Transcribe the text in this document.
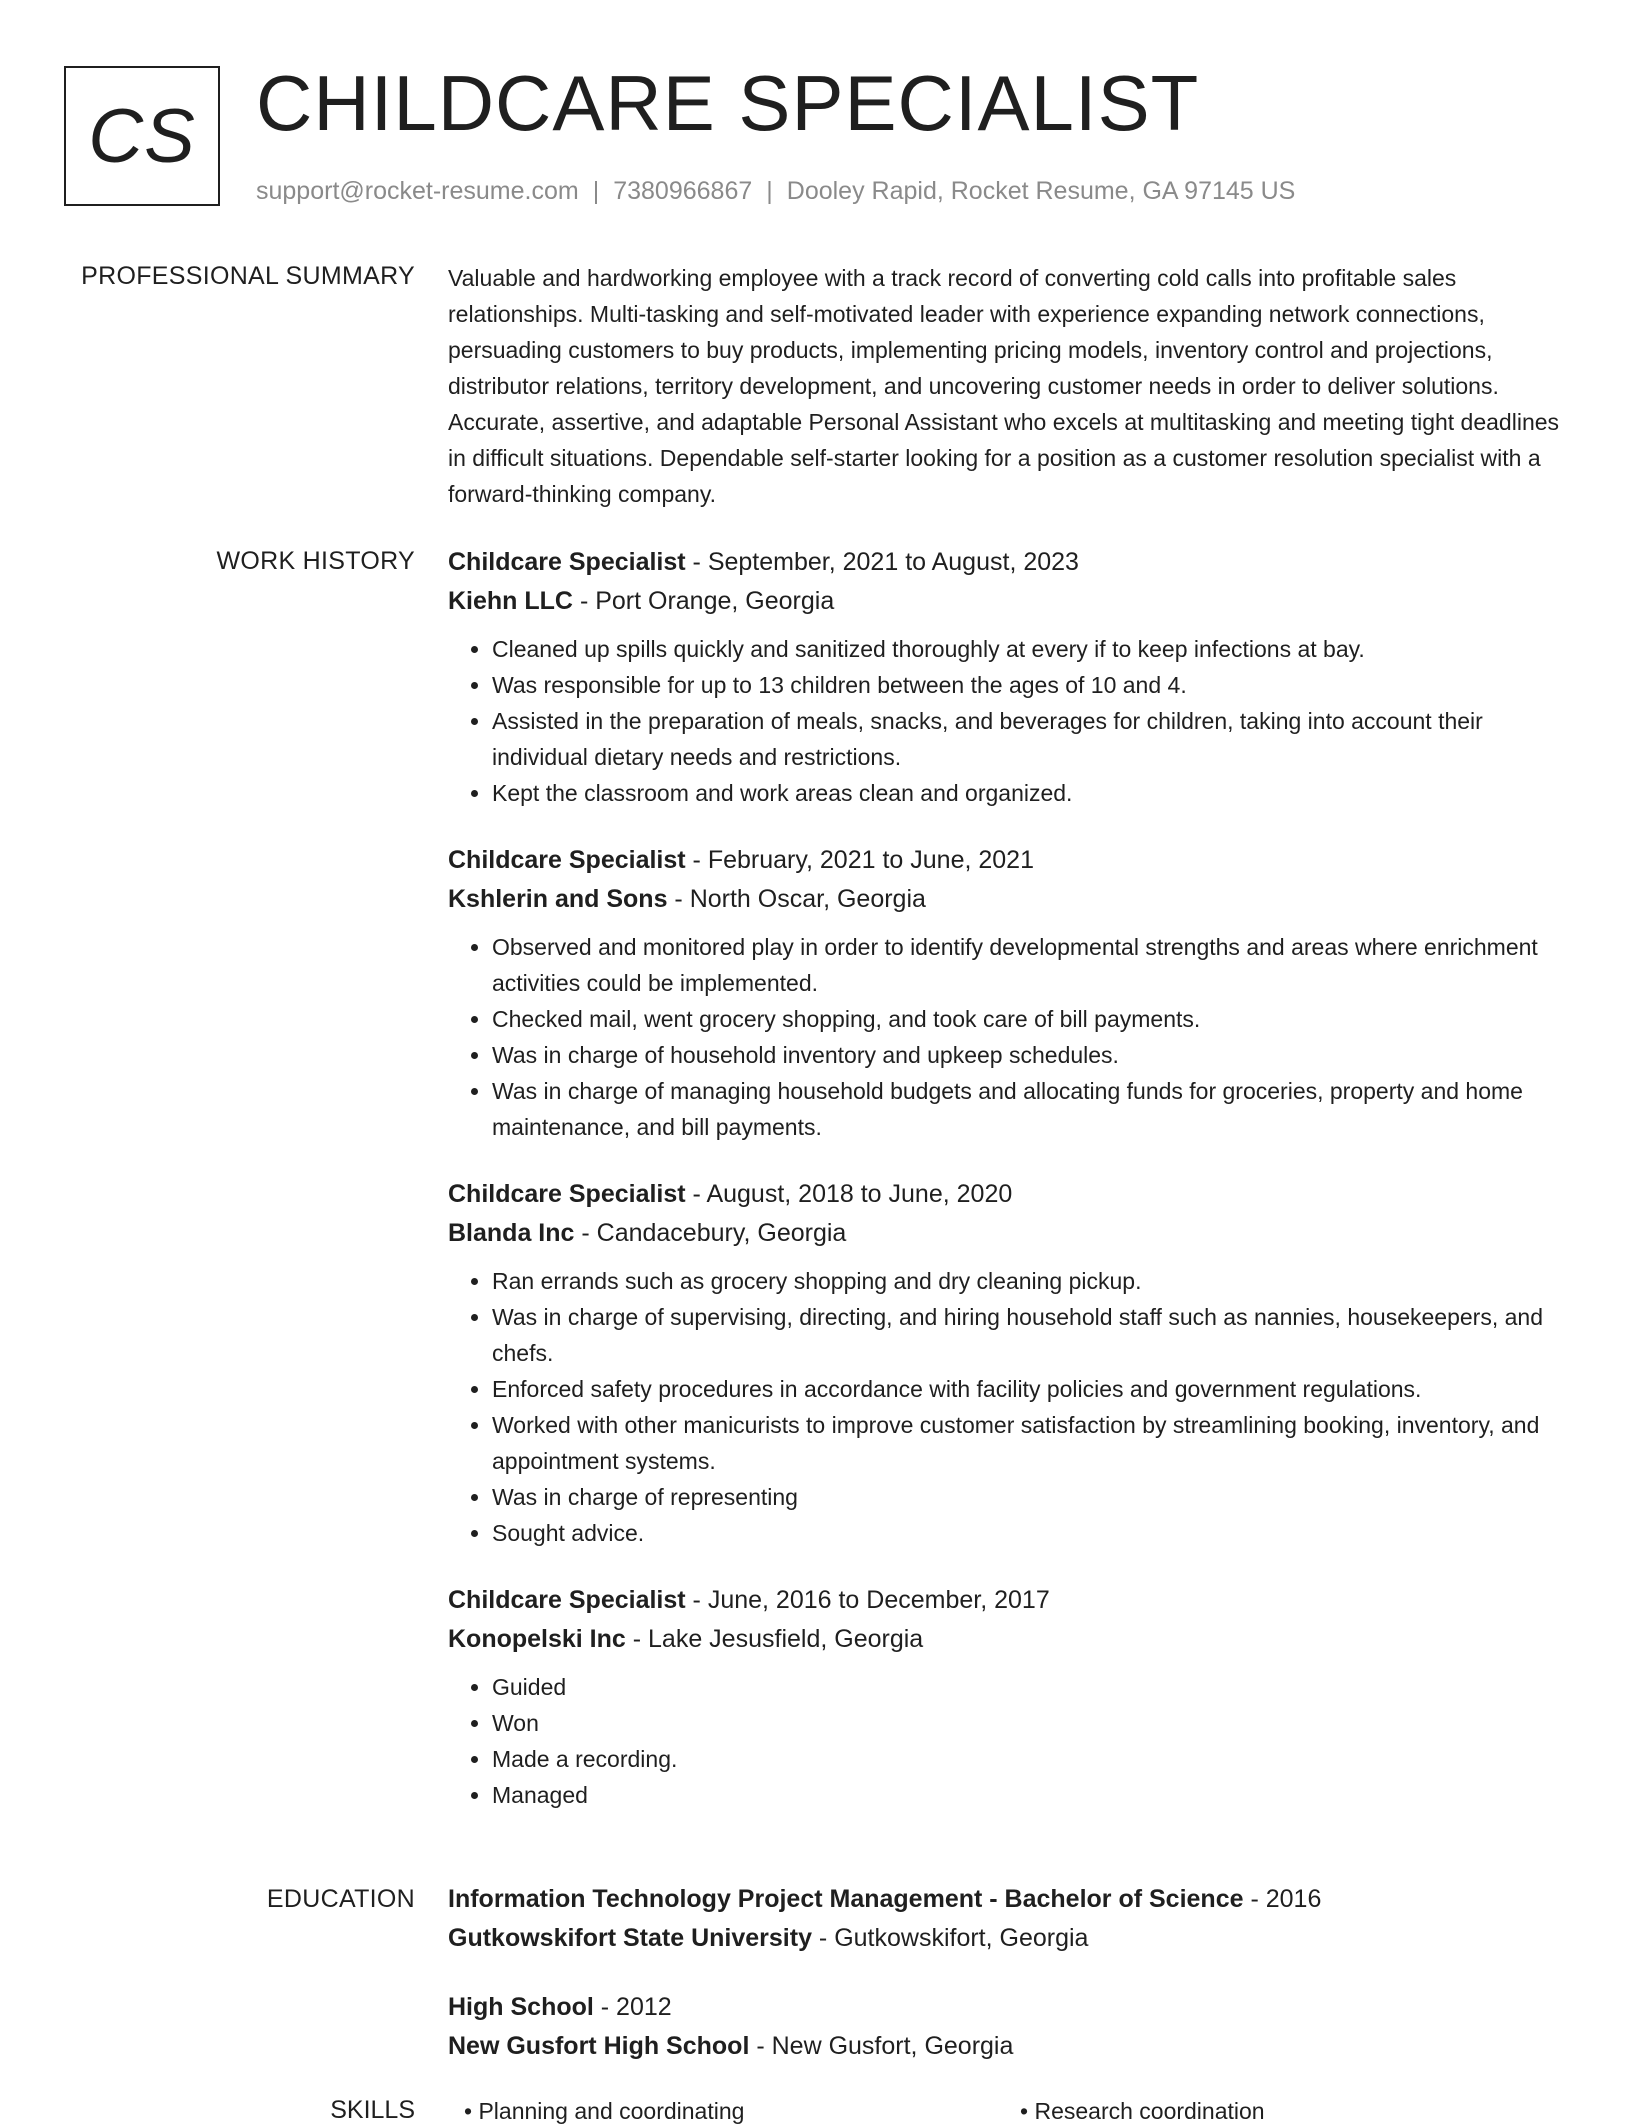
CS CHILDCARE SPECIALIST
support@rocket-resume.com | 7380966867 | Dooley Rapid, Rocket Resume, GA 97145 US
PROFESSIONAL SUMMARY Valuable and hardworking employee with a track record of converting cold calls into profitable sales relationships. Multi-tasking and self-motivated leader with experience expanding network connections, persuading customers to buy products, implementing pricing models, inventory control and projections, distributor relations, territory development, and uncovering customer needs in order to deliver solutions. Accurate, assertive, and adaptable Personal Assistant who excels at multitasking and meeting tight deadlines in difficult situations. Dependable self-starter looking for a position as a customer resolution specialist with a forward-thinking company.

WORK HISTORY Childcare Specialist - September, 2021 to August, 2023
Kiehn LLC - Port Orange, Georgia
• Cleaned up spills quickly and sanitized thoroughly at every if to keep infections at bay.
• Was responsible for up to 13 children between the ages of 10 and 4.
• Assisted in the preparation of meals, snacks, and beverages for children, taking into account their individual dietary needs and restrictions.
• Kept the classroom and work areas clean and organized.
Childcare Specialist - February, 2021 to June, 2021
Kshlerin and Sons - North Oscar, Georgia
• Observed and monitored play in order to identify developmental strengths and areas where enrichment activities could be implemented.
• Checked mail, went grocery shopping, and took care of bill payments.
• Was in charge of household inventory and upkeep schedules.
• Was in charge of managing household budgets and allocating funds for groceries, property and home maintenance, and bill payments.
Childcare Specialist - August, 2018 to June, 2020
Blanda Inc - Candacebury, Georgia
• Ran errands such as grocery shopping and dry cleaning pickup.
• Was in charge of supervising, directing, and hiring household staff such as nannies, housekeepers, and chefs.
• Enforced safety procedures in accordance with facility policies and government regulations.
• Worked with other manicurists to improve customer satisfaction by streamlining booking, inventory, and appointment systems.
• Was in charge of representing
• Sought advice.
Childcare Specialist - June, 2016 to December, 2017
Konopelski Inc - Lake Jesusfield, Georgia
• Guided
• Won
• Made a recording.
• Managed
EDUCATION Information Technology Project Management - Bachelor of Science - 2016
Gutkowskifort State University - Gutkowskifort, Georgia
High School - 2012
New Gusfort High School - New Gusfort, Georgia
SKILLS • Planning and coordinating	• Research coordination
